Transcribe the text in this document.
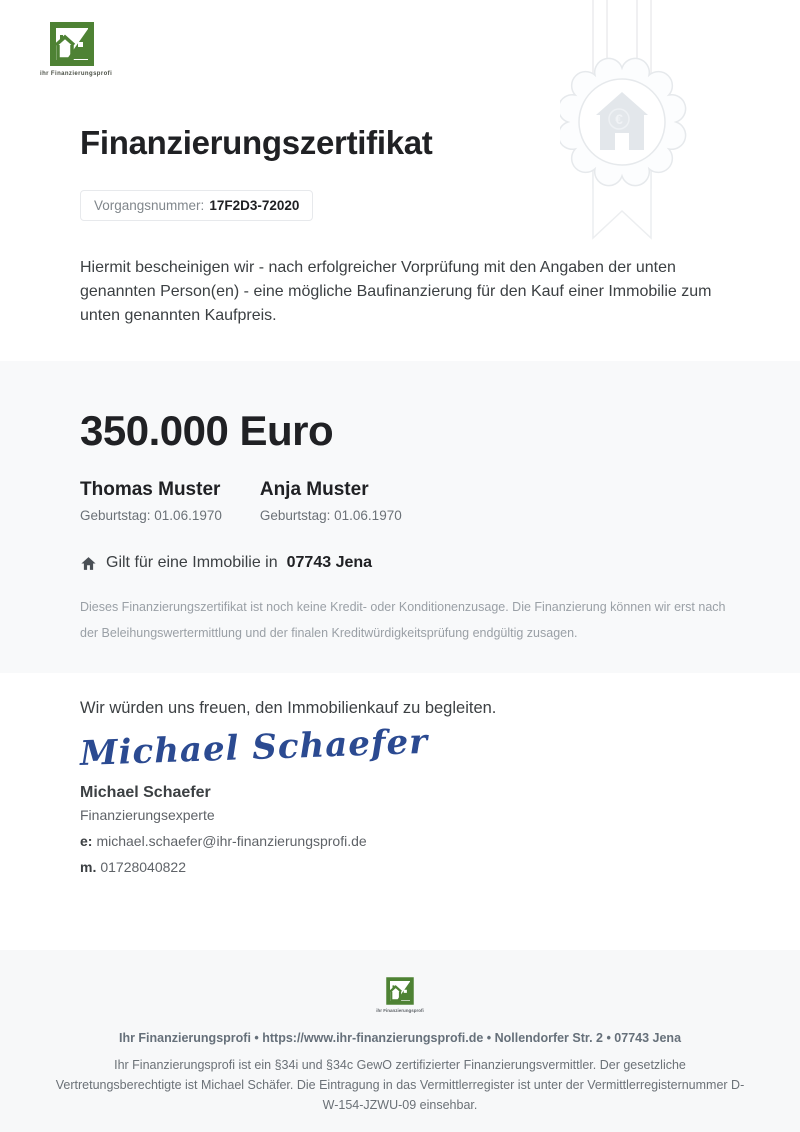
ihr Finanzierungsprofi
€
Finanzierungszertifikat
Vorgangsnummer: 17F2D3-72020

Hiermit bescheinigen wir - nach erfolgreicher Vorprüfung mit den Angaben der unten genannten Person(en) - eine mögliche Baufinanzierung für den Kauf einer Immobilie zum unten genannten Kaufpreis.

350.000 Euro
Thomas Muster
Geburtstag: 01.06.1970
Anja Muster
Geburtstag: 01.06.1970
Gilt für eine Immobilie in 07743 Jena

Dieses Finanzierungszertifikat ist noch keine Kredit- oder Konditionenzusage. Die Finanzierung können wir erst nach der Beleihungswertermittlung und der finalen Kreditwürdigkeitsprüfung endgültig zusagen.

Wir würden uns freuen, den Immobilienkauf zu begleiten.

Michael Schaefer
Michael Schaefer
Finanzierungsexperte
e: michael.schaefer@ihr-finanzierungsprofi.de
m. 01728040822
ihr Finanzierungsprofi
Ihr Finanzierungsprofi • https://www.ihr-finanzierungsprofi.de • Nollendorfer Str. 2 • 07743 Jena

Ihr Finanzierungsprofi ist ein §34i und §34c GewO zertifizierter Finanzierungsvermittler. Der gesetzliche Vertretungsberechtigte ist Michael Schäfer. Die Eintragung in das Vermittlerregister ist unter der Vermittlerregisternummer D-W-154-JZWU-09 einsehbar.
